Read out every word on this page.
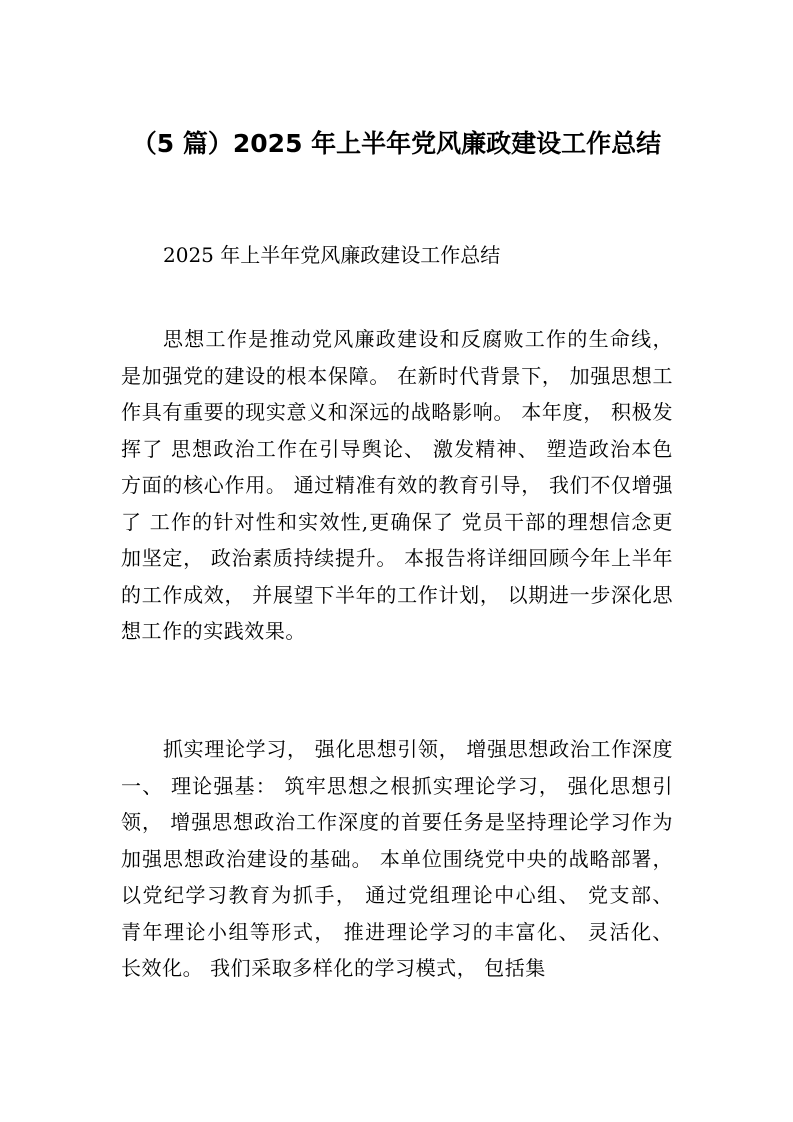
（5 篇）2025 年上半年党风廉政建设工作总结

2025 年上半年党风廉政建设工作总结

思想工作是推动党风廉政建设和反腐败工作的生命线，是加强党的建设的根本保障。 在新时代背景下， 加强思想工作具有重要的现实意义和深远的战略影响。 本年度， 积极发挥了 思想政治工作在引导舆论、 激发精神、 塑造政治本色方面的核心作用。 通过精准有效的教育引导， 我们不仅增强了 工作的针对性和实效性,更确保了 党员干部的理想信念更加坚定， 政治素质持续提升。 本报告将详细回顾今年上半年的工作成效， 并展望下半年的工作计划， 以期进一步深化思想工作的实践效果。

抓实理论学习， 强化思想引领， 增强思想政治工作深度一、 理论强基： 筑牢思想之根抓实理论学习， 强化思想引领， 增强思想政治工作深度的首要任务是坚持理论学习作为加强思想政治建设的基础。 本单位围绕党中央的战略部署， 以党纪学习教育为抓手， 通过党组理论中心组、 党支部、 青年理论小组等形式， 推进理论学习的丰富化、 灵活化、 长效化。 我们采取多样化的学习模式， 包括集
